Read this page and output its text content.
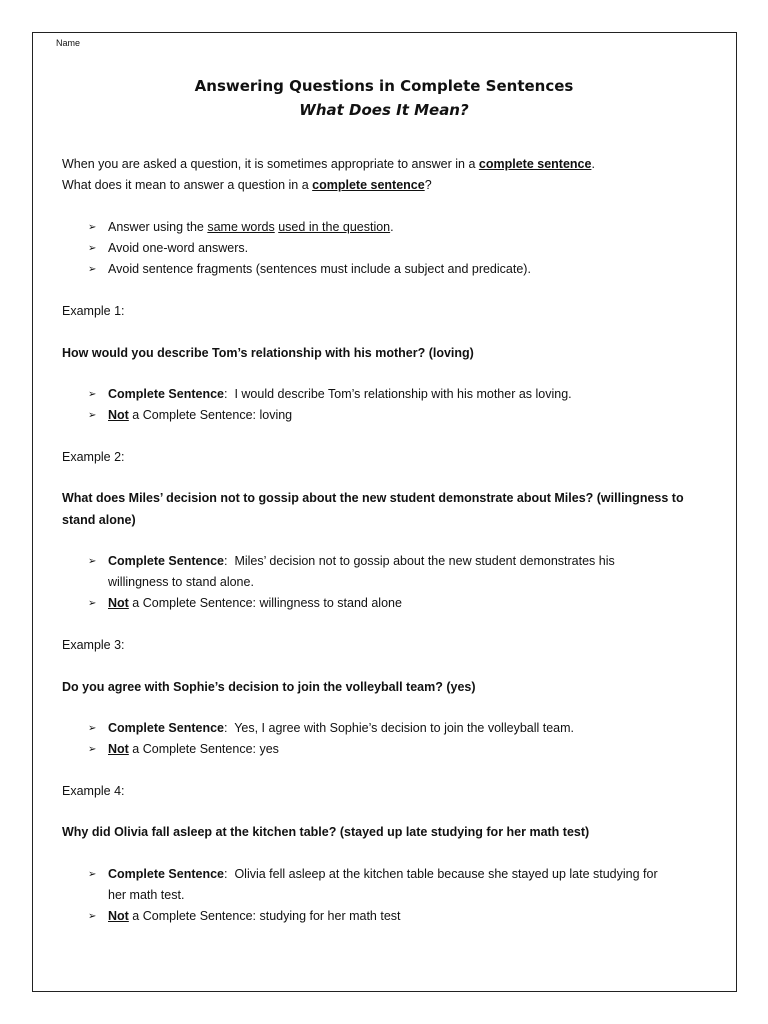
Name
Answering Questions in Complete Sentences
What Does It Mean?
When you are asked a question, it is sometimes appropriate to answer in a complete sentence.
What does it mean to answer a question in a complete sentence?
➢ Answer using the same words used in the question.
➢ Avoid one-word answers.
➢ Avoid sentence fragments (sentences must include a subject and predicate).
Example 1:
How would you describe Tom’s relationship with his mother? (loving)
➢ Complete Sentence:  I would describe Tom’s relationship with his mother as loving.
➢ Not a Complete Sentence: loving
Example 2:
What does Miles’ decision not to gossip about the new student demonstrate about Miles? (willingness to stand alone)
➢ Complete Sentence:  Miles’ decision not to gossip about the new student demonstrates his willingness to stand alone.
➢ Not a Complete Sentence: willingness to stand alone
Example 3:
Do you agree with Sophie’s decision to join the volleyball team? (yes)
➢ Complete Sentence:  Yes, I agree with Sophie’s decision to join the volleyball team.
➢ Not a Complete Sentence: yes
Example 4:
Why did Olivia fall asleep at the kitchen table? (stayed up late studying for her math test)
➢ Complete Sentence:  Olivia fell asleep at the kitchen table because she stayed up late studying for her math test.
➢ Not a Complete Sentence: studying for her math test
